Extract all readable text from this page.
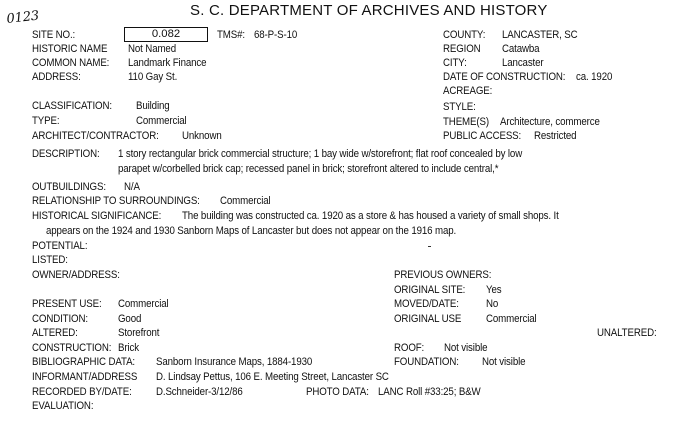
0123	S. C. DEPARTMENT OF ARCHIVES AND HISTORY
SITE NO.:	0.082	TMS#: 68-P-S-10	COUNTY: LANCASTER, SC
HISTORIC NAME Not Named	REGION Catawba
COMMON NAME: Landmark Finance	CITY:	Lancaster
ADDRESS:	110 Gay St.	DATE OF CONSTRUCTION: ca. 1920
ACREAGE:
CLASSIFICATION: Building	STYLE:
TYPE:	Commercial	THEME(S) Architecture, commerce
ARCHITECT/CONTRACTOR: Unknown	PUBLIC ACCESS: Restricted
DESCRIPTION: 1 story rectangular brick commercial structure; 1 bay wide w/storefront; flat roof concealed by low
parapet w/corbelled brick cap; recessed panel in brick; storefront altered to include central,*
OUTBUILDINGS: N/A
RELATIONSHIP TO SURROUNDINGS: Commercial
HISTORICAL SIGNIFICANCE: The building was constructed ca. 1920 as a store & has housed a variety of small shops. It
appears on the 1924 and 1930 Sanborn Maps of Lancaster but does not appear on the 1916 map.
POTENTIAL:
LISTED:
OWNER/ADDRESS:	PREVIOUS OWNERS:
ORIGINAL SITE: Yes
PRESENT USE: Commercial	MOVED/DATE: No
CONDITION:	Good	ORIGINAL USE Commercial
ALTERED:	Storefront	UNALTERED:
CONSTRUCTION: Brick	ROOF: Not visible
BIBLIOGRAPHIC DATA: Sanborn Insurance Maps, 1884-1930	FOUNDATION: Not visible
INFORMANT/ADDRESS D. Lindsay Pettus, 106 E. Meeting Street, Lancaster SC
RECORDED BY/DATE: D.Schneider-3/12/86	PHOTO DATA: LANC Roll #33:25; B&W
EVALUATION:
